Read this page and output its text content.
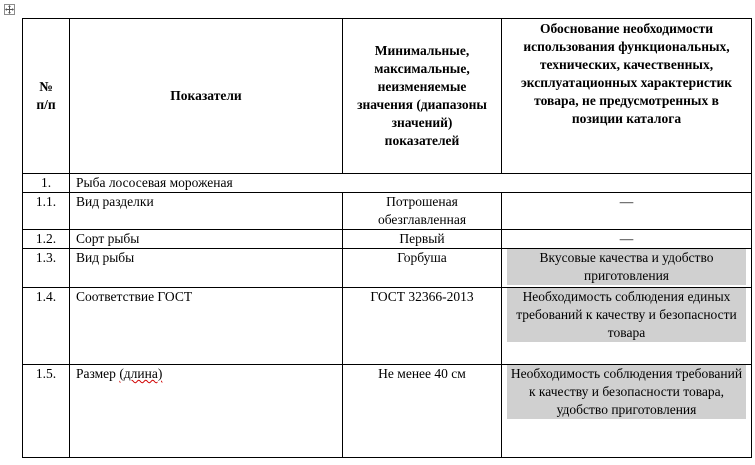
№
п/п	Показатели	Минимальные, максимальные, неизменяемые значения (диапазоны значений) показателей	Обоснование необходимости использования функциональных, технических, качественных, эксплуатационных характеристик товара, не предусмотренных в позиции каталога
1.	Рыба лососевая мороженая		
1.1.	Вид разделки	Потрошеная обезглавленная	—
1.2.	Сорт рыбы	Первый	—
1.3.	Вид рыбы	Горбуша	Вкусовые качества и удобство приготовления

1.4.	Соответствие ГОСТ	ГОСТ 32366-2013	Необходимость соблюдения единых требований к качеству и безопасности товара

1.5.	Размер (длина)	Не менее 40 см	Необходимость соблюдения требований к качеству и безопасности товара, удобство приготовления
